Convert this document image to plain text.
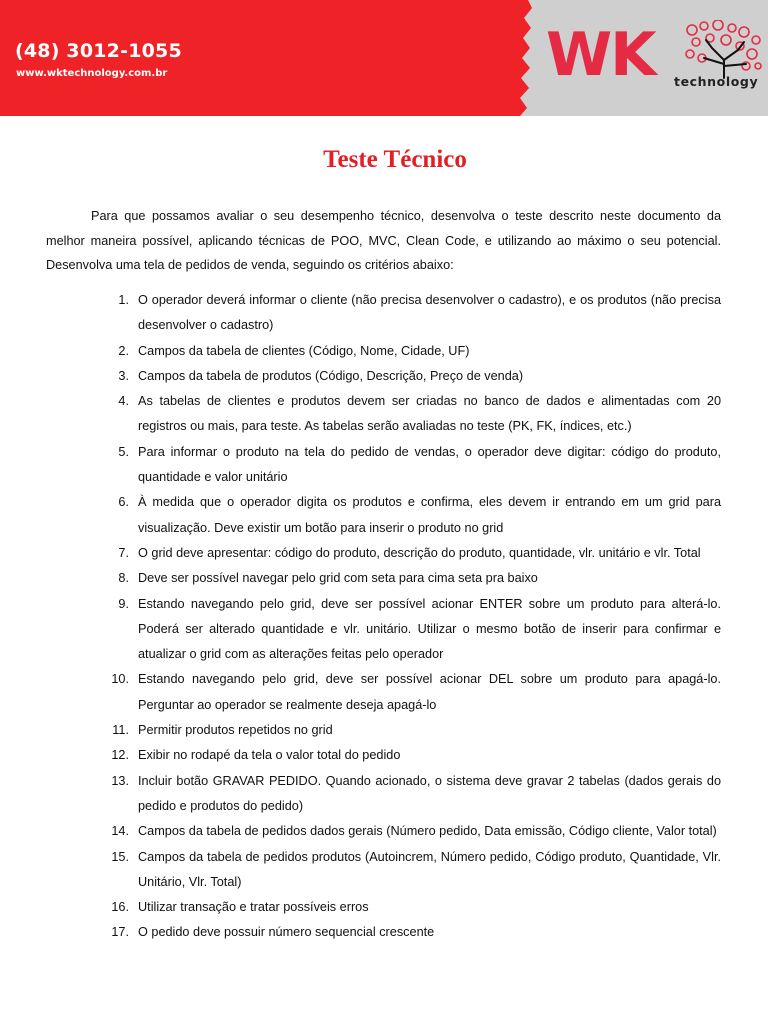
(48) 3012-1055
www.wktechnology.com.br	WK technology
Teste Técnico

Para que possamos avaliar o seu desempenho técnico, desenvolva o teste descrito neste documento da melhor maneira possível, aplicando técnicas de POO, MVC, Clean Code, e utilizando ao máximo o seu potencial. Desenvolva uma tela de pedidos de venda, seguindo os critérios abaixo:

1. O operador deverá informar o cliente (não precisa desenvolver o cadastro), e os produtos (não precisa desenvolver o cadastro)
2. Campos da tabela de clientes (Código, Nome, Cidade, UF)
3. Campos da tabela de produtos (Código, Descrição, Preço de venda)
4. As tabelas de clientes e produtos devem ser criadas no banco de dados e alimentadas com 20 registros ou mais, para teste. As tabelas serão avaliadas no teste (PK, FK, índices, etc.)
5. Para informar o produto na tela do pedido de vendas, o operador deve digitar: código do produto, quantidade e valor unitário
6. À medida que o operador digita os produtos e confirma, eles devem ir entrando em um grid para visualização. Deve existir um botão para inserir o produto no grid
7. O grid deve apresentar: código do produto, descrição do produto, quantidade, vlr. unitário e vlr. Total
8. Deve ser possível navegar pelo grid com seta para cima seta pra baixo
9. Estando navegando pelo grid, deve ser possível acionar ENTER sobre um produto para alterá-lo. Poderá ser alterado quantidade e vlr. unitário. Utilizar o mesmo botão de inserir para confirmar e atualizar o grid com as alterações feitas pelo operador
10. Estando navegando pelo grid, deve ser possível acionar DEL sobre um produto para apagá-lo. Perguntar ao operador se realmente deseja apagá-lo
11. Permitir produtos repetidos no grid
12. Exibir no rodapé da tela o valor total do pedido
13. Incluir botão GRAVAR PEDIDO. Quando acionado, o sistema deve gravar 2 tabelas (dados gerais do pedido e produtos do pedido)
14. Campos da tabela de pedidos dados gerais (Número pedido, Data emissão, Código cliente, Valor total)
15. Campos da tabela de pedidos produtos (Autoincrem, Número pedido, Código produto, Quantidade, Vlr. Unitário, Vlr. Total)
16. Utilizar transação e tratar possíveis erros
17. O pedido deve possuir número sequencial crescente
